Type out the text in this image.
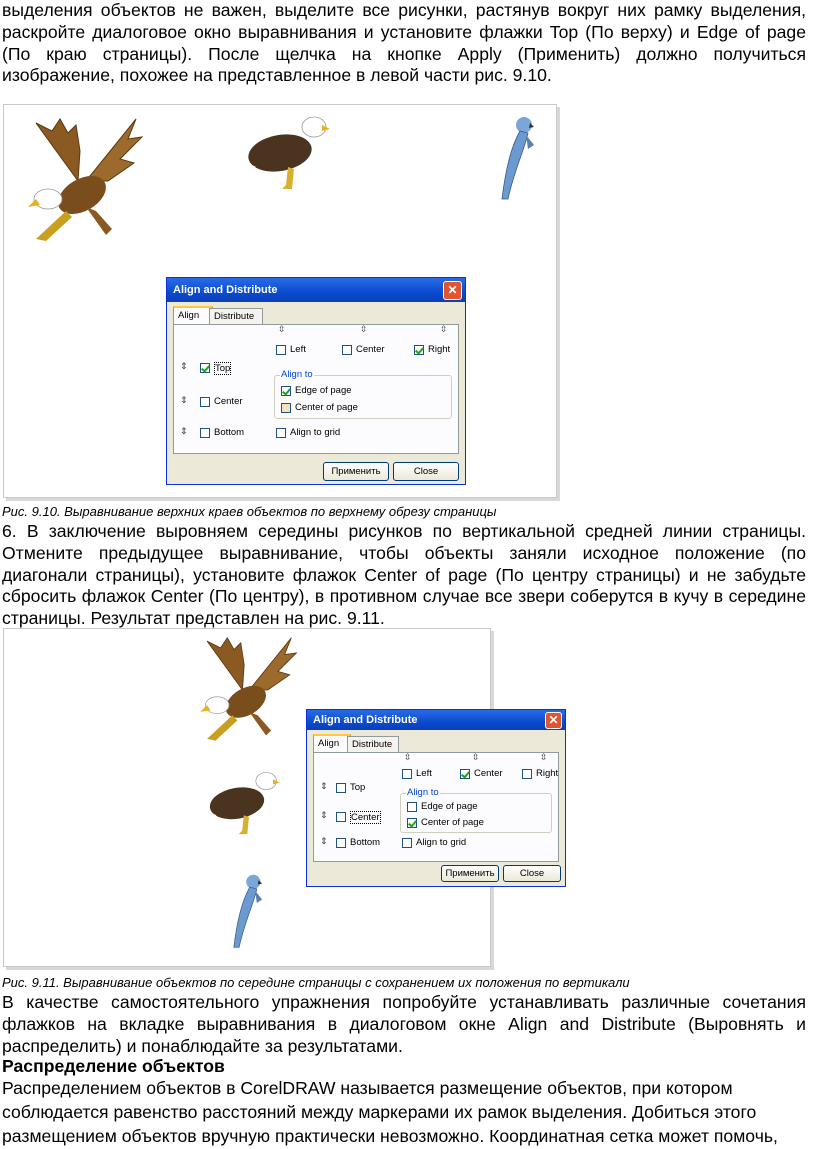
выделения объектов не важен, выделите все рисунки, растянув вокруг них рамку выделения, раскройте диалоговое окно выравнивания и установите флажки Top (По верху) и Edge of page (По краю страницы). После щелчка на кнопке Apply (Применить) должно получиться изображение, похожее на представленное в левой части рис. 9.10.

Align and Distribute	✕
Align	Distribute
⇳	⇳	⇳
Left	Center	Right
⇕	Top
⇕	Center
⇕	Bottom
Align to
Edge of page
Center of page
Align to grid
Применить	Close

Рис. 9.10. Выравнивание верхних краев объектов по верхнему обрезу страницы

6. В заключение выровняем середины рисунков по вертикальной средней линии страницы. Отмените предыдущее выравнивание, чтобы объекты заняли исходное положение (по диагонали страницы), установите флажок Center of page (По центру страницы) и не забудьте сбросить флажок Center (По центру), в противном случае все звери соберутся в кучу в середине страницы. Результат представлен на рис. 9.11.

Align and Distribute	✕
Align	Distribute
⇳	⇳	⇳
Left	Center	Right
⇕ Top
⇕ Center
⇕ Bottom
Align to
Edge of page
Center of page
Align to grid
Применить	Close

Рис. 9.11. Выравнивание объектов по середине страницы с сохранением их положения по вертикали

В качестве самостоятельного упражнения попробуйте устанавливать различные сочетания флажков на вкладке выравнивания в диалоговом окне Align and Distribute (Выровнять и распределить) и понаблюдайте за результатами.

Распределение объектов

Распределением объектов в CorelDRAW называется размещение объектов, при котором

соблюдается равенство расстояний между маркерами их рамок выделения. Добиться этого

размещением объектов вручную практически невозможно. Координатная сетка может помочь,
